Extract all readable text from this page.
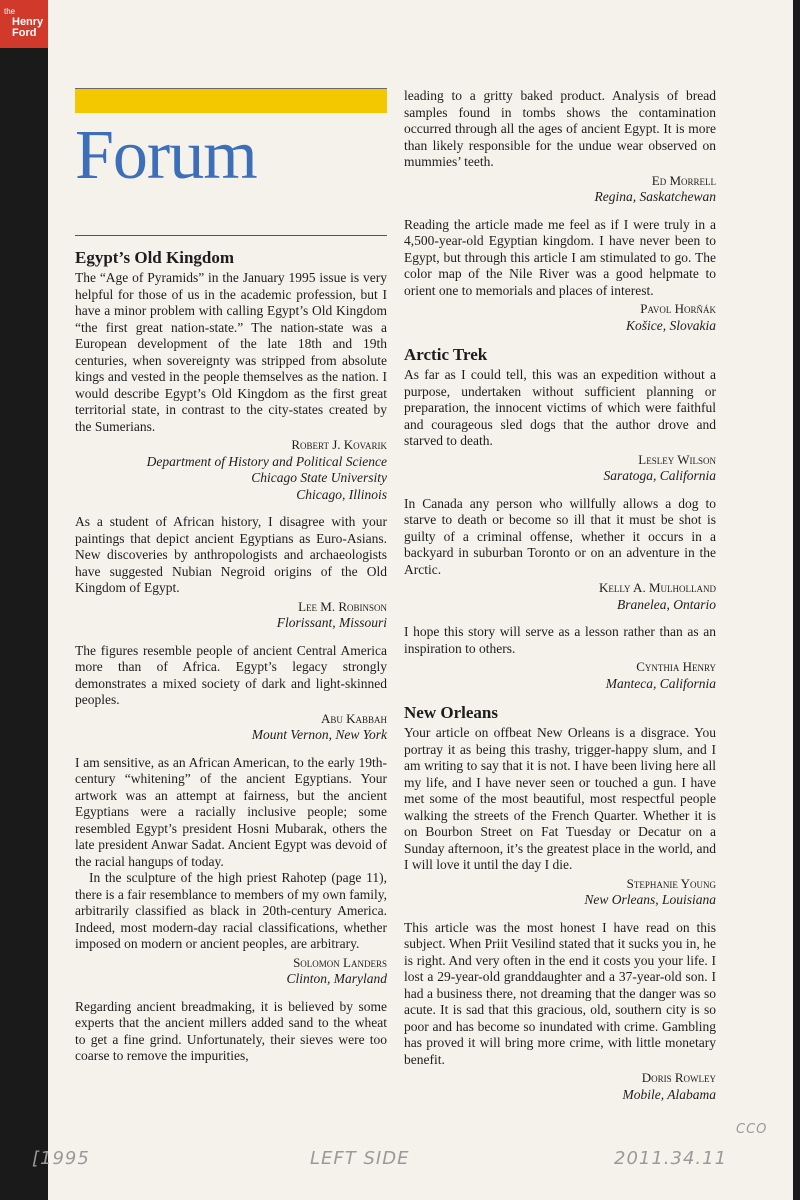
the
Henry
Ford
Forum
Egypt’s Old Kingdom

The “Age of Pyramids” in the January 1995 issue is very helpful for those of us in the academic profession, but I have a minor problem with calling Egypt’s Old Kingdom “the first great nation-state.” The nation-state was a European development of the late 18th and 19th centuries, when sovereignty was stripped from absolute kings and vested in the people themselves as the nation. I would describe Egypt’s Old Kingdom as the first great territorial state, in contrast to the city-states created by the Sumerians.

Robert J. Kovarik
Department of History and Political Science
Chicago State University
Chicago, Illinois

As a student of African history, I disagree with your paintings that depict ancient Egyptians as Euro-Asians. New discoveries by anthropologists and archaeologists have suggested Nubian Negroid origins of the Old Kingdom of Egypt.

Lee M. Robinson
Florissant, Missouri

The figures resemble people of ancient Central America more than of Africa. Egypt’s legacy strongly demonstrates a mixed society of dark and light-skinned peoples.

Abu Kabbah
Mount Vernon, New York

I am sensitive, as an African American, to the early 19th-century “whitening” of the ancient Egyptians. Your artwork was an attempt at fairness, but the ancient Egyptians were a racially inclusive people; some resembled Egypt’s president Hosni Mubarak, others the late president Anwar Sadat. Ancient Egypt was devoid of the racial hangups of today.

In the sculpture of the high priest Rahotep (page 11), there is a fair resemblance to members of my own family, arbitrarily classified as black in 20th-century America. Indeed, most modern-day racial classifications, whether imposed on modern or ancient peoples, are arbitrary.

Solomon Landers
Clinton, Maryland

Regarding ancient breadmaking, it is believed by some experts that the ancient millers added sand to the wheat to get a fine grind. Unfortunately, their sieves were too coarse to remove the impurities,

leading to a gritty baked product. Analysis of bread samples found in tombs shows the contamination occurred through all the ages of ancient Egypt. It is more than likely responsible for the undue wear observed on mummies’ teeth.

Ed Morrell
Regina, Saskatchewan

Reading the article made me feel as if I were truly in a 4,500-year-old Egyptian kingdom. I have never been to Egypt, but through this article I am stimulated to go. The color map of the Nile River was a good helpmate to orient one to memorials and places of interest.

Pavol Horňák
Košice, Slovakia
Arctic Trek

As far as I could tell, this was an expedition without a purpose, undertaken without sufficient planning or preparation, the innocent victims of which were faithful and courageous sled dogs that the author drove and starved to death.

Lesley Wilson
Saratoga, California

In Canada any person who willfully allows a dog to starve to death or become so ill that it must be shot is guilty of a criminal offense, whether it occurs in a backyard in suburban Toronto or on an adventure in the Arctic.

Kelly A. Mulholland
Branelea, Ontario

I hope this story will serve as a lesson rather than as an inspiration to others.

Cynthia Henry
Manteca, California
New Orleans

Your article on offbeat New Orleans is a disgrace. You portray it as being this trashy, trigger-happy slum, and I am writing to say that it is not. I have been living here all my life, and I have never seen or touched a gun. I have met some of the most beautiful, most respectful people walking the streets of the French Quarter. Whether it is on Bourbon Street on Fat Tuesday or Decatur on a Sunday afternoon, it’s the greatest place in the world, and I will love it until the day I die.

Stephanie Young
New Orleans, Louisiana

This article was the most honest I have read on this subject. When Priit Vesilind stated that it sucks you in, he is right. And very often in the end it costs you your life. I lost a 29-year-old granddaughter and a 37-year-old son. I had a business there, not dreaming that the danger was so acute. It is sad that this gracious, old, southern city is so poor and has become so inundated with crime. Gambling has proved it will bring more crime, with little monetary benefit.

Doris Rowley
Mobile, Alabama
[1995	LEFT SIDE	2011.34.11
CCO
